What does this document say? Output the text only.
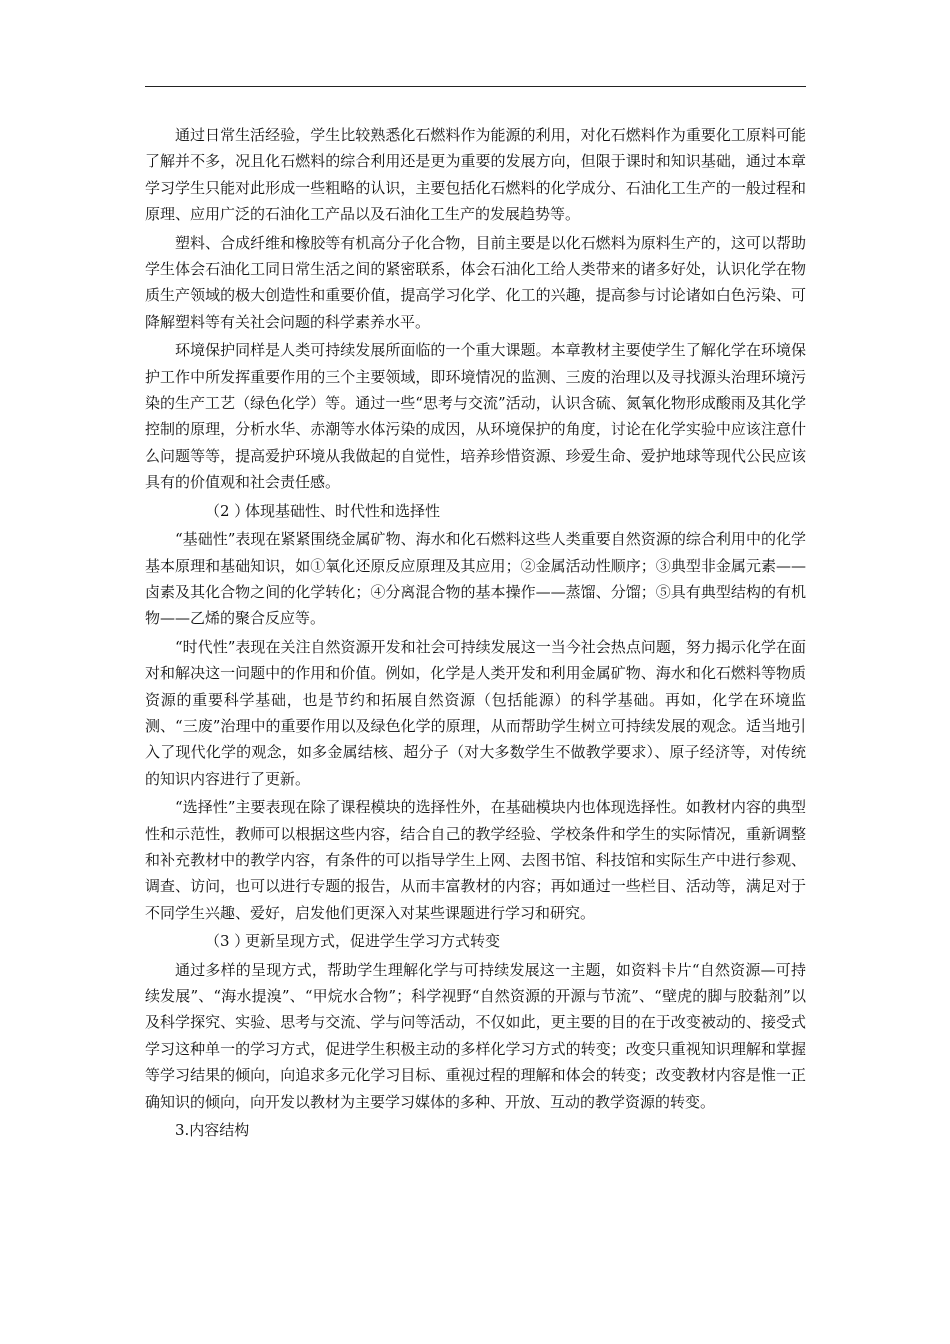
通过日常生活经验，学生比较熟悉化石燃料作为能源的利用，对化石燃料作为重要化工原料可能了解并不多，况且化石燃料的综合利用还是更为重要的发展方向，但限于课时和知识基础，通过本章学习学生只能对此形成一些粗略的认识，主要包括化石燃料的化学成分、石油化工生产的一般过程和原理、应用广泛的石油化工产品以及石油化工生产的发展趋势等。

塑料、合成纤维和橡胶等有机高分子化合物，目前主要是以化石燃料为原料生产的，这可以帮助学生体会石油化工同日常生活之间的紧密联系，体会石油化工给人类带来的诸多好处，认识化学在物质生产领域的极大创造性和重要价值，提高学习化学、化工的兴趣，提高参与讨论诸如白色污染、可降解塑料等有关社会问题的科学素养水平。

环境保护同样是人类可持续发展所面临的一个重大课题。本章教材主要使学生了解化学在环境保护工作中所发挥重要作用的三个主要领域，即环境情况的监测、三废的治理以及寻找源头治理环境污染的生产工艺（绿色化学）等。通过一些“思考与交流”活动，认识含硫、氮氧化物形成酸雨及其化学控制的原理，分析水华、赤潮等水体污染的成因，从环境保护的角度，讨论在化学实验中应该注意什么问题等等，提高爱护环境从我做起的自觉性，培养珍惜资源、珍爱生命、爱护地球等现代公民应该具有的价值观和社会责任感。

（2 ）体现基础性、时代性和选择性

“基础性”表现在紧紧围绕金属矿物、海水和化石燃料这些人类重要自然资源的综合利用中的化学基本原理和基础知识，如①氧化还原反应原理及其应用；②金属活动性顺序；③典型非金属元素——卤素及其化合物之间的化学转化；④分离混合物的基本操作——蒸馏、分馏；⑤具有典型结构的有机物——乙烯的聚合反应等。

“时代性”表现在关注自然资源开发和社会可持续发展这一当今社会热点问题，努力揭示化学在面对和解决这一问题中的作用和价值。例如，化学是人类开发和利用金属矿物、海水和化石燃料等物质资源的重要科学基础，也是节约和拓展自然资源（包括能源）的科学基础。再如，化学在环境监测、“三废”治理中的重要作用以及绿色化学的原理，从而帮助学生树立可持续发展的观念。适当地引入了现代化学的观念，如多金属结核、超分子（对大多数学生不做教学要求）、原子经济等，对传统的知识内容进行了更新。

“选择性”主要表现在除了课程模块的选择性外，在基础模块内也体现选择性。如教材内容的典型性和示范性，教师可以根据这些内容，结合自己的教学经验、学校条件和学生的实际情况，重新调整和补充教材中的教学内容，有条件的可以指导学生上网、去图书馆、科技馆和实际生产中进行参观、调查、访问，也可以进行专题的报告，从而丰富教材的内容；再如通过一些栏目、活动等，满足对于不同学生兴趣、爱好，启发他们更深入对某些课题进行学习和研究。

（3 ）更新呈现方式，促进学生学习方式转变

通过多样的呈现方式，帮助学生理解化学与可持续发展这一主题，如资料卡片“自然资源—可持续发展”、“海水提溴”、“甲烷水合物”；科学视野“自然资源的开源与节流”、“壁虎的脚与胶黏剂”以及科学探究、实验、思考与交流、学与问等活动，不仅如此，更主要的目的在于改变被动的、接受式学习这种单一的学习方式，促进学生积极主动的多样化学习方式的转变；改变只重视知识理解和掌握等学习结果的倾向，向追求多元化学习目标、重视过程的理解和体会的转变；改变教材内容是惟一正确知识的倾向，向开发以教材为主要学习媒体的多种、开放、互动的教学资源的转变。

3.内容结构
